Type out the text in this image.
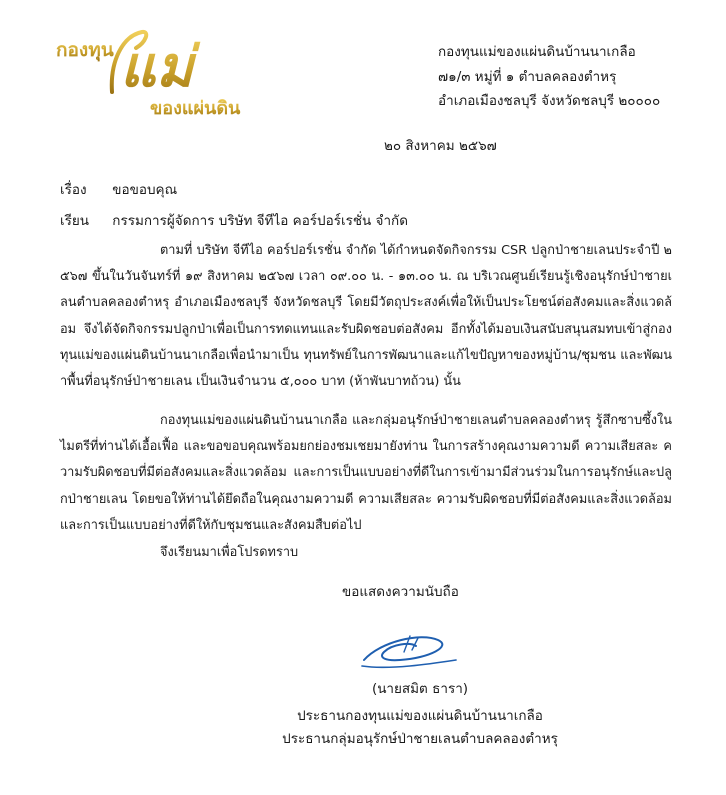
กองทุน แม่
ของแผ่นดิน
กองทุนแม่ของแผ่นดินบ้านนาเกลือ
๗๑/๓ หมู่ที่ ๑ ตำบลคลองตำหรุ
อำเภอเมืองชลบุรี จังหวัดชลบุรี ๒๐๐๐๐
๒๐ สิงหาคม ๒๕๖๗
เรื่อง ขอขอบคุณ
เรียน กรรมการผู้จัดการ บริษัท จีทีไอ คอร์ปอร์เรชั่น จำกัด
ตามที่ บริษัท จีทีไอ คอร์ปอร์เรชั่น จำกัด ได้กำหนดจัดกิจกรรม CSR ปลูกป่าชายเลนประจำปี ๒๕๖๗ ขึ้นในวันจันทร์ที่ ๑๙ สิงหาคม ๒๕๖๗ เวลา ๐๙.๐๐ น. - ๑๓.๐๐ น. ณ บริเวณศูนย์เรียนรู้เชิงอนุรักษ์ป่าชายเลนตำบลคลองตำหรุ อำเภอเมืองชลบุรี จังหวัดชลบุรี โดยมีวัตถุประสงค์เพื่อให้เป็นประโยชน์ต่อสังคมและสิ่งแวดล้อม จึงได้จัดกิจกรรมปลูกป่าเพื่อเป็นการทดแทนและรับผิดชอบต่อสังคม อีกทั้งได้มอบเงินสนับสนุนสมทบเข้าสู่กองทุนแม่ของแผ่นดินบ้านนาเกลือเพื่อนำมาเป็น ทุนทรัพย์ในการพัฒนาและแก้ไขปัญหาของหมู่บ้าน/ชุมชน และพัฒนาพื้นที่อนุรักษ์ป่าชายเลน เป็นเงินจำนวน ๕,๐๐๐ บาท (ห้าพันบาทถ้วน) นั้น
กองทุนแม่ของแผ่นดินบ้านนาเกลือ และกลุ่มอนุรักษ์ป่าชายเลนตำบลคลองตำหรุ รู้สึกซาบซึ้งในไมตรีที่ท่านได้เอื้อเฟื้อ และขอขอบคุณพร้อมยกย่องชมเชยมายังท่าน ในการสร้างคุณงามความดี ความเสียสละ ความรับผิดชอบที่มีต่อสังคมและสิ่งแวดล้อม และการเป็นแบบอย่างที่ดีในการเข้ามามีส่วนร่วมในการอนุรักษ์และปลูกป่าชายเลน โดยขอให้ท่านได้ยึดถือในคุณงามความดี ความเสียสละ ความรับผิดชอบที่มีต่อสังคมและสิ่งแวดล้อม และการเป็นแบบอย่างที่ดีให้กับชุมชนและสังคมสืบต่อไป
จึงเรียนมาเพื่อโปรดทราบ
ขอแสดงความนับถือ
(นายสมิต ธารา)
ประธานกองทุนแม่ของแผ่นดินบ้านนาเกลือ
ประธานกลุ่มอนุรักษ์ป่าชายเลนตำบลคลองตำหรุ
